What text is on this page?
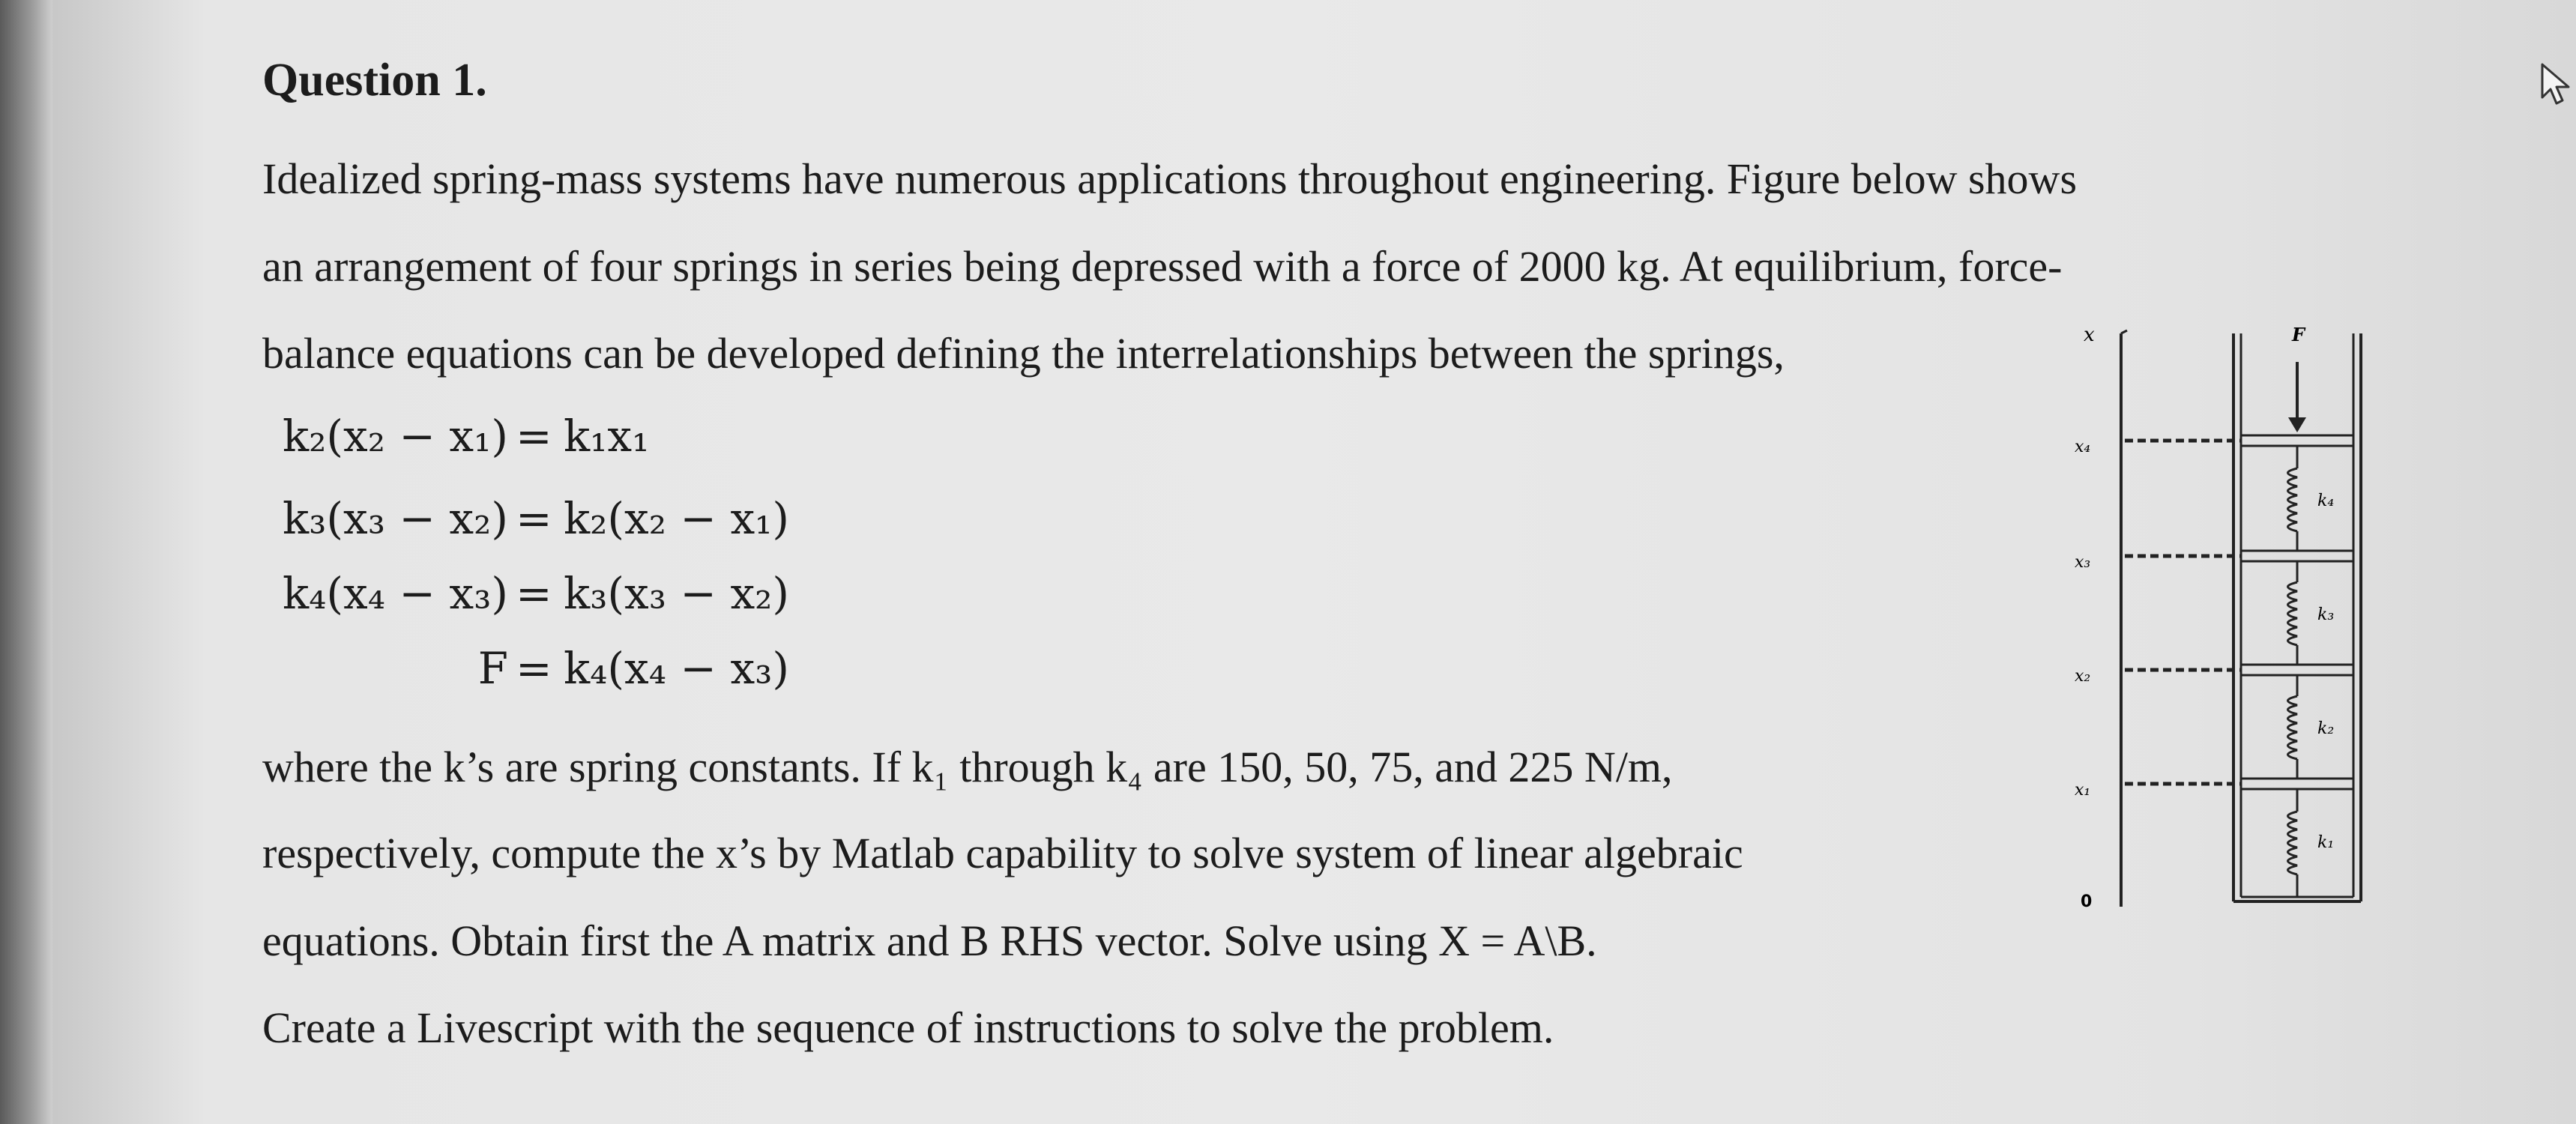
Question 1.
Idealized spring-mass systems have numerous applications throughout engineering. Figure below shows
an arrangement of four springs in series being depressed with a force of 2000 kg. At equilibrium, force-
balance equations can be developed defining the interrelationships between the springs,
k₂(x₂ − x₁) = k₁x₁
k₃(x₃ − x₂) = k₂(x₂ − x₁)
k₄(x₄ − x₃) = k₃(x₃ − x₂)
F = k₄(x₄ − x₃)
where the k’s are spring constants. If k₁ through k₄ are 150, 50, 75, and 225 N/m,
respectively, compute the x’s by Matlab capability to solve system of linear algebraic
equations. Obtain first the A matrix and B RHS vector. Solve using X = A\B.
Create a Livescript with the sequence of instructions to solve the problem.
x	F
x₄
x₃
x₂
x₁
0
k₄
k₃
k₂
k₁
